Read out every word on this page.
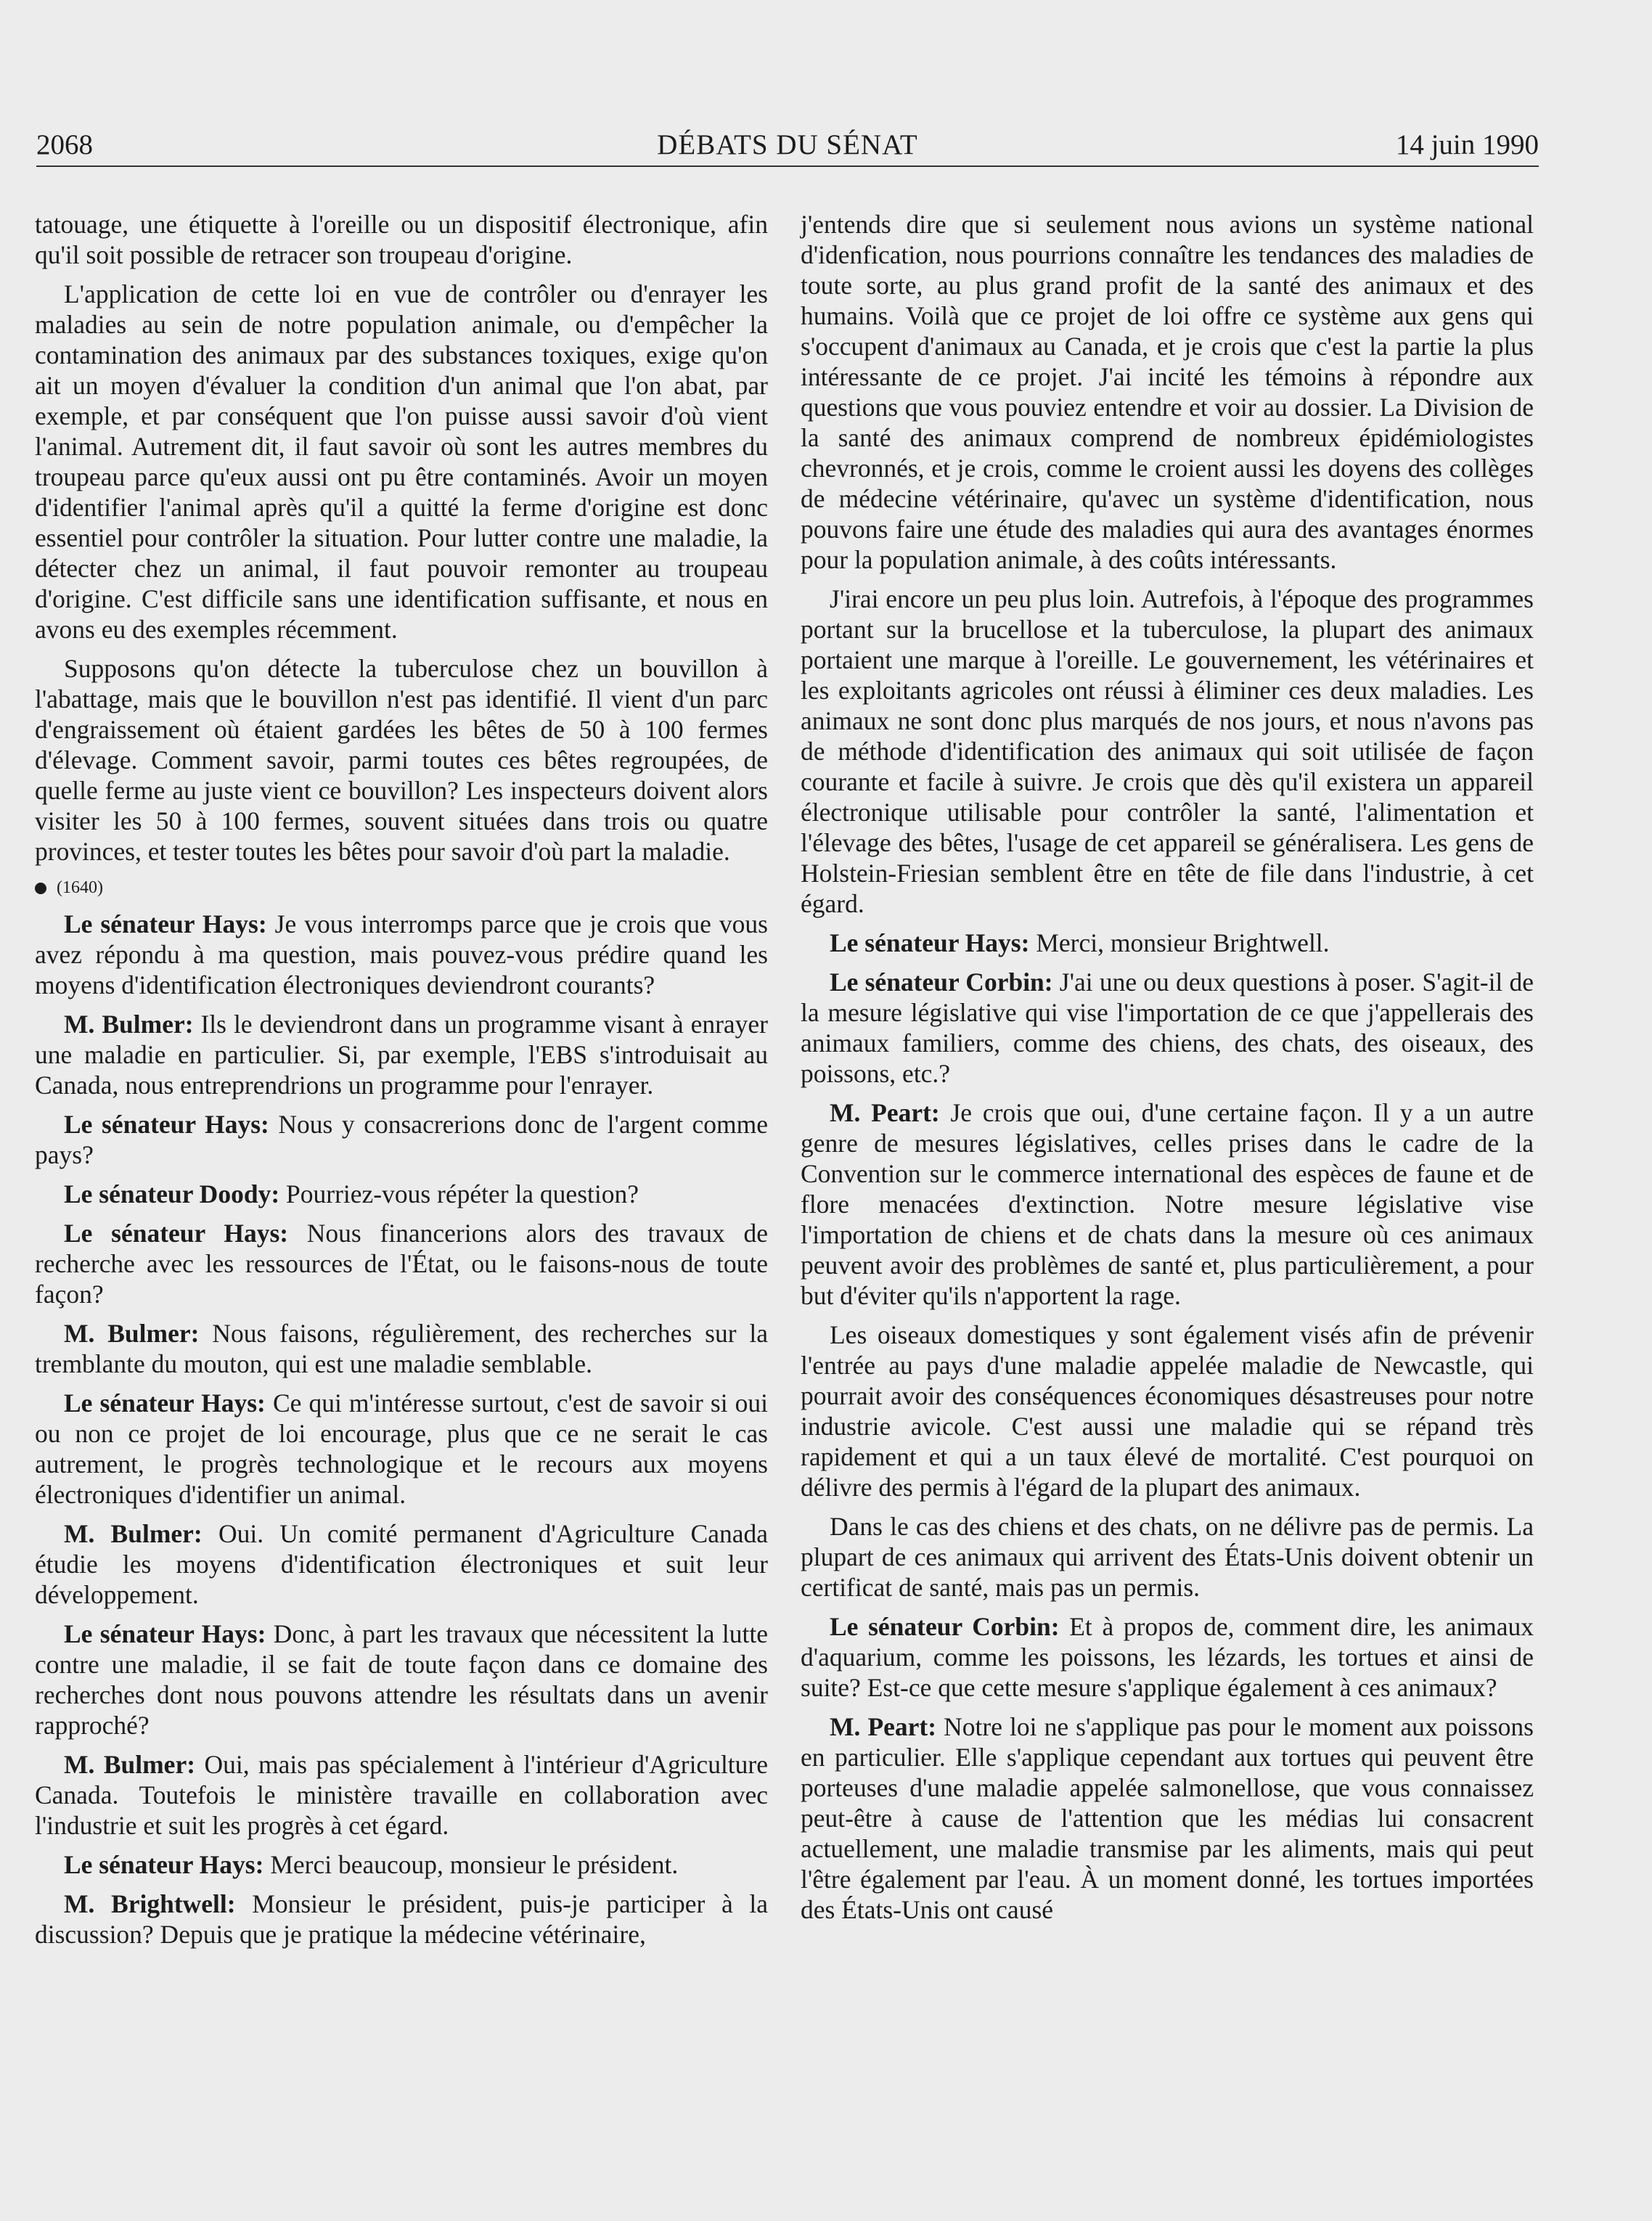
2068	DÉBATS DU SÉNAT	14 juin 1990

tatouage, une étiquette à l'oreille ou un dispositif électronique, afin qu'il soit possible de retracer son troupeau d'origine.

L'application de cette loi en vue de contrôler ou d'enrayer les maladies au sein de notre population animale, ou d'empêcher la contamination des animaux par des substances toxiques, exige qu'on ait un moyen d'évaluer la condition d'un animal que l'on abat, par exemple, et par conséquent que l'on puisse aussi savoir d'où vient l'animal. Autrement dit, il faut savoir où sont les autres membres du troupeau parce qu'eux aussi ont pu être contaminés. Avoir un moyen d'identifier l'animal après qu'il a quitté la ferme d'origine est donc essentiel pour contrôler la situation. Pour lutter contre une maladie, la détecter chez un animal, il faut pouvoir remonter au troupeau d'origine. C'est difficile sans une identification suffisante, et nous en avons eu des exemples récemment.

Supposons qu'on détecte la tuberculose chez un bouvillon à l'abattage, mais que le bouvillon n'est pas identifié. Il vient d'un parc d'engraissement où étaient gardées les bêtes de 50 à 100 fermes d'élevage. Comment savoir, parmi toutes ces bêtes regroupées, de quelle ferme au juste vient ce bouvillon? Les inspecteurs doivent alors visiter les 50 à 100 fermes, souvent situées dans trois ou quatre provinces, et tester toutes les bêtes pour savoir d'où part la maladie.

(1640)

Le sénateur Hays: Je vous interromps parce que je crois que vous avez répondu à ma question, mais pouvez-vous prédire quand les moyens d'identification électroniques deviendront courants?

M. Bulmer: Ils le deviendront dans un programme visant à enrayer une maladie en particulier. Si, par exemple, l'EBS s'introduisait au Canada, nous entreprendrions un programme pour l'enrayer.

Le sénateur Hays: Nous y consacrerions donc de l'argent comme pays?

Le sénateur Doody: Pourriez-vous répéter la question?

Le sénateur Hays: Nous financerions alors des travaux de recherche avec les ressources de l'État, ou le faisons-nous de toute façon?

M. Bulmer: Nous faisons, régulièrement, des recherches sur la tremblante du mouton, qui est une maladie semblable.

Le sénateur Hays: Ce qui m'intéresse surtout, c'est de savoir si oui ou non ce projet de loi encourage, plus que ce ne serait le cas autrement, le progrès technologique et le recours aux moyens électroniques d'identifier un animal.

M. Bulmer: Oui. Un comité permanent d'Agriculture Canada étudie les moyens d'identification électroniques et suit leur développement.

Le sénateur Hays: Donc, à part les travaux que nécessitent la lutte contre une maladie, il se fait de toute façon dans ce domaine des recherches dont nous pouvons attendre les résultats dans un avenir rapproché?

M. Bulmer: Oui, mais pas spécialement à l'intérieur d'Agriculture Canada. Toutefois le ministère travaille en collaboration avec l'industrie et suit les progrès à cet égard.

Le sénateur Hays: Merci beaucoup, monsieur le président.

M. Brightwell: Monsieur le président, puis-je participer à la discussion? Depuis que je pratique la médecine vétérinaire,

j'entends dire que si seulement nous avions un système national d'idenfication, nous pourrions connaître les tendances des maladies de toute sorte, au plus grand profit de la santé des animaux et des humains. Voilà que ce projet de loi offre ce système aux gens qui s'occupent d'animaux au Canada, et je crois que c'est la partie la plus intéressante de ce projet. J'ai incité les témoins à répondre aux questions que vous pouviez entendre et voir au dossier. La Division de la santé des animaux comprend de nombreux épidémiologistes chevronnés, et je crois, comme le croient aussi les doyens des collèges de médecine vétérinaire, qu'avec un système d'identification, nous pouvons faire une étude des maladies qui aura des avantages énormes pour la population animale, à des coûts intéressants.

J'irai encore un peu plus loin. Autrefois, à l'époque des programmes portant sur la brucellose et la tuberculose, la plupart des animaux portaient une marque à l'oreille. Le gouvernement, les vétérinaires et les exploitants agricoles ont réussi à éliminer ces deux maladies. Les animaux ne sont donc plus marqués de nos jours, et nous n'avons pas de méthode d'identification des animaux qui soit utilisée de façon courante et facile à suivre. Je crois que dès qu'il existera un appareil électronique utilisable pour contrôler la santé, l'alimentation et l'élevage des bêtes, l'usage de cet appareil se généralisera. Les gens de Holstein-Friesian semblent être en tête de file dans l'industrie, à cet égard.

Le sénateur Hays: Merci, monsieur Brightwell.

Le sénateur Corbin: J'ai une ou deux questions à poser. S'agit-il de la mesure législative qui vise l'importation de ce que j'appellerais des animaux familiers, comme des chiens, des chats, des oiseaux, des poissons, etc.?

M. Peart: Je crois que oui, d'une certaine façon. Il y a un autre genre de mesures législatives, celles prises dans le cadre de la Convention sur le commerce international des espèces de faune et de flore menacées d'extinction. Notre mesure législative vise l'importation de chiens et de chats dans la mesure où ces animaux peuvent avoir des problèmes de santé et, plus particulièrement, a pour but d'éviter qu'ils n'apportent la rage.

Les oiseaux domestiques y sont également visés afin de prévenir l'entrée au pays d'une maladie appelée maladie de Newcastle, qui pourrait avoir des conséquences économiques désastreuses pour notre industrie avicole. C'est aussi une maladie qui se répand très rapidement et qui a un taux élevé de mortalité. C'est pourquoi on délivre des permis à l'égard de la plupart des animaux.

Dans le cas des chiens et des chats, on ne délivre pas de permis. La plupart de ces animaux qui arrivent des États-Unis doivent obtenir un certificat de santé, mais pas un permis.

Le sénateur Corbin: Et à propos de, comment dire, les animaux d'aquarium, comme les poissons, les lézards, les tortues et ainsi de suite? Est-ce que cette mesure s'applique également à ces animaux?

M. Peart: Notre loi ne s'applique pas pour le moment aux poissons en particulier. Elle s'applique cependant aux tortues qui peuvent être porteuses d'une maladie appelée salmonellose, que vous connaissez peut-être à cause de l'attention que les médias lui consacrent actuellement, une maladie transmise par les aliments, mais qui peut l'être également par l'eau. À un moment donné, les tortues importées des États-Unis ont causé
